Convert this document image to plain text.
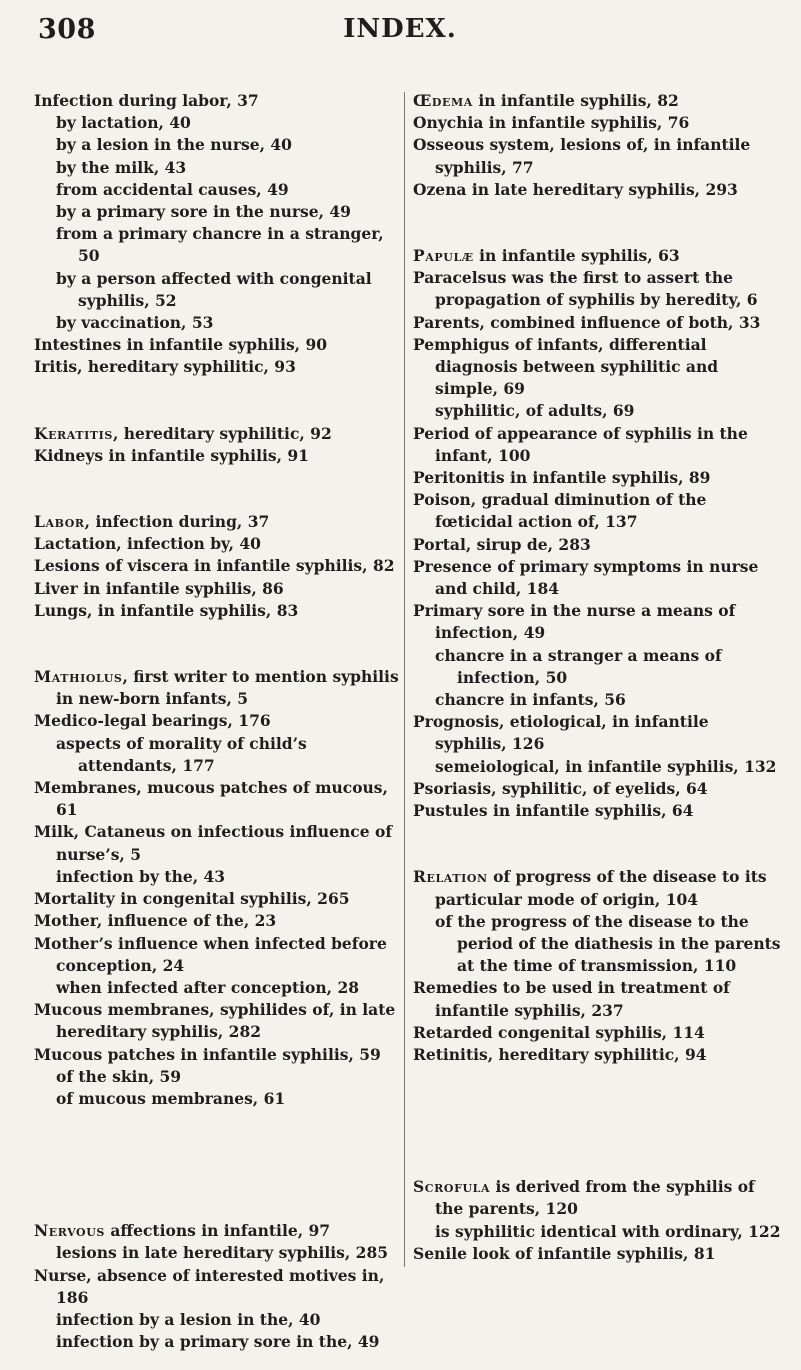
308	INDEX.

Infection during labor, 37

by lactation, 40

by a lesion in the nurse, 40

by the milk, 43

from accidental causes, 49

by a primary sore in the nurse, 49

from a primary chancre in a stranger, 50

by a person affected with congenital syphilis, 52

by vaccination, 53

Intestines in infantile syphilis, 90

Iritis, hereditary syphilitic, 93

Keratitis, hereditary syphilitic, 92

Kidneys in infantile syphilis, 91

Labor, infection during, 37

Lactation, infection by, 40

Lesions of viscera in infantile syphilis, 82

Liver in infantile syphilis, 86

Lungs, in infantile syphilis, 83

Mathiolus, first writer to mention syphilis in new-born infants, 5

Medico-legal bearings, 176

aspects of morality of child’s attendants, 177

Membranes, mucous patches of mucous, 61

Milk, Cataneus on infectious influence of nurse’s, 5

infection by the, 43

Mortality in congenital syphilis, 265

Mother, influence of the, 23

Mother’s influence when infected before conception, 24

when infected after conception, 28

Mucous membranes, syphilides of, in late hereditary syphilis, 282

Mucous patches in infantile syphilis, 59

of the skin, 59

of mucous membranes, 61

Nervous affections in infantile, 97

lesions in late hereditary syphilis, 285

Nurse, absence of interested motives in, 186

infection by a lesion in the, 40

infection by a primary sore in the, 49

Œdema in infantile syphilis, 82

Onychia in infantile syphilis, 76

Osseous system, lesions of, in infantile syphilis, 77

Ozena in late hereditary syphilis, 293

Papulæ in infantile syphilis, 63

Paracelsus was the first to assert the propagation of syphilis by heredity, 6

Parents, combined influence of both, 33

Pemphigus of infants, differential diagnosis between syphilitic and simple, 69

syphilitic, of adults, 69

Period of appearance of syphilis in the infant, 100

Peritonitis in infantile syphilis, 89

Poison, gradual diminution of the fœticidal action of, 137

Portal, sirup de, 283

Presence of primary symptoms in nurse and child, 184

Primary sore in the nurse a means of infection, 49

chancre in a stranger a means of infection, 50

chancre in infants, 56

Prognosis, etiological, in infantile syphilis, 126

semeiological, in infantile syphilis, 132

Psoriasis, syphilitic, of eyelids, 64

Pustules in infantile syphilis, 64

Relation of progress of the disease to its particular mode of origin, 104

of the progress of the disease to the period of the diathesis in the parents at the time of transmission, 110

Remedies to be used in treatment of infantile syphilis, 237

Retarded congenital syphilis, 114

Retinitis, hereditary syphilitic, 94

Scrofula is derived from the syphilis of the parents, 120

is syphilitic identical with ordinary, 122

Senile look of infantile syphilis, 81
